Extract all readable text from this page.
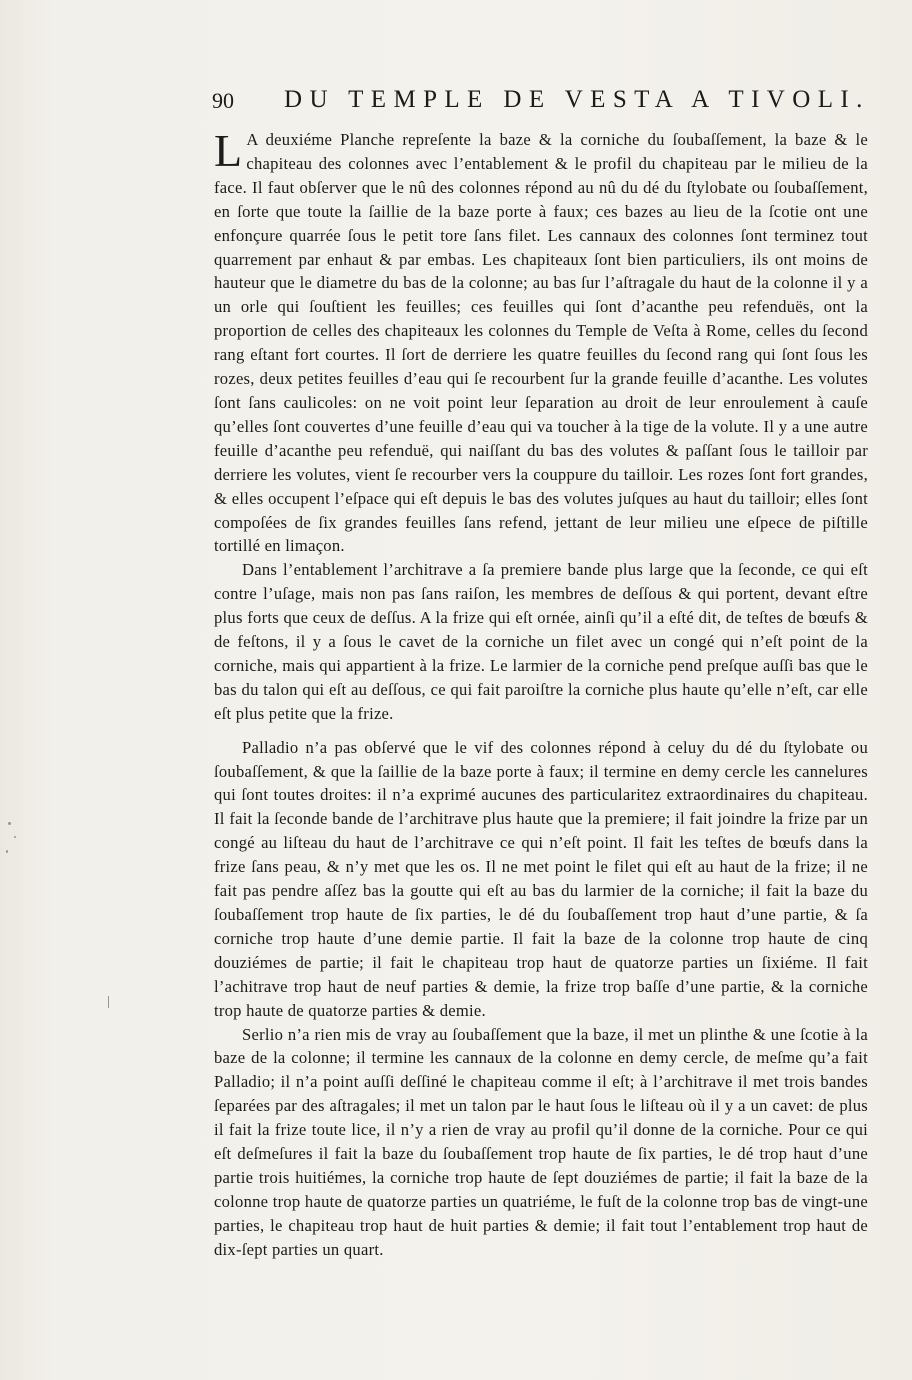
90 DU TEMPLE DE VESTA A TIVOLI.

L A deuxiéme Planche repreſente la baze & la corniche du ſoubaſſement, la baze & le chapiteau des colonnes avec l’entablement & le profil du chapiteau par le milieu de la face. Il faut obſerver que le nû des colonnes répond au nû du dé du ſtylobate ou ſoubaſſement, en ſorte que toute la ſaillie de la baze porte à faux; ces bazes au lieu de la ſcotie ont une enfonçure quarrée ſous le petit tore ſans filet. Les cannaux des colonnes ſont terminez tout quarrement par enhaut & par embas. Les chapiteaux ſont bien particuliers, ils ont moins de hauteur que le diametre du bas de la colonne; au bas ſur l’aſtragale du haut de la colonne il y a un orle qui ſouſtient les feuilles; ces feuilles qui ſont d’acanthe peu refenduës, ont la proportion de celles des chapiteaux les colonnes du Temple de Veſta à Rome, celles du ſecond rang eſtant fort courtes. Il ſort de derriere les quatre feuilles du ſecond rang qui ſont ſous les rozes, deux petites feuilles d’eau qui ſe recourbent ſur la grande feuille d’acanthe. Les volutes ſont ſans caulicoles: on ne voit point leur ſeparation au droit de leur enroulement à cauſe qu’elles ſont couvertes d’une feuille d’eau qui va toucher à la tige de la volute. Il y a une autre feuille d’acanthe peu refenduë, qui naiſſant du bas des volutes & paſſant ſous le tailloir par derriere les volutes, vient ſe recourber vers la couppure du tailloir. Les rozes ſont fort grandes, & elles occupent l’eſpace qui eſt depuis le bas des volutes juſques au haut du tailloir; elles ſont compoſées de ſix grandes feuilles ſans refend, jettant de leur milieu une eſpece de piſtille tortillé en limaçon.

Dans l’entablement l’architrave a ſa premiere bande plus large que la ſeconde, ce qui eſt contre l’uſage, mais non pas ſans raiſon, les membres de deſſous & qui portent, devant eſtre plus forts que ceux de deſſus. A la frize qui eſt ornée, ainſi qu’il a eſté dit, de teſtes de bœufs & de feſtons, il y a ſous le cavet de la corniche un filet avec un congé qui n’eſt point de la corniche, mais qui appartient à la frize. Le larmier de la corniche pend preſque auſſi bas que le bas du talon qui eſt au deſſous, ce qui fait paroiſtre la corniche plus haute qu’elle n’eſt, car elle eſt plus petite que la frize.

Palladio n’a pas obſervé que le vif des colonnes répond à celuy du dé du ſtylobate ou ſoubaſſement, & que la ſaillie de la baze porte à faux; il termine en demy cercle les cannelures qui ſont toutes droites: il n’a exprimé aucunes des particularitez extraordinaires du chapiteau. Il fait la ſeconde bande de l’architrave plus haute que la premiere; il fait joindre la frize par un congé au liſteau du haut de l’architrave ce qui n’eſt point. Il fait les teſtes de bœufs dans la frize ſans peau, & n’y met que les os. Il ne met point le filet qui eſt au haut de la frize; il ne fait pas pendre aſſez bas la goutte qui eſt au bas du larmier de la corniche; il fait la baze du ſoubaſſement trop haute de ſix parties, le dé du ſoubaſſement trop haut d’une partie, & ſa corniche trop haute d’une demie partie. Il fait la baze de la colonne trop haute de cinq douziémes de partie; il fait le chapiteau trop haut de quatorze parties un ſixiéme. Il fait l’achitrave trop haut de neuf parties & demie, la frize trop baſſe d’une partie, & la corniche trop haute de quatorze parties & demie.

Serlio n’a rien mis de vray au ſoubaſſement que la baze, il met un plinthe & une ſcotie à la baze de la colonne; il termine les cannaux de la colonne en demy cercle, de meſme qu’a fait Palladio; il n’a point auſſi deſſiné le chapiteau comme il eſt; à l’architrave il met trois bandes ſeparées par des aſtragales; il met un talon par le haut ſous le liſteau où il y a un cavet: de plus il fait la frize toute lice, il n’y a rien de vray au profil qu’il donne de la corniche. Pour ce qui eſt deſmeſures il fait la baze du ſoubaſſement trop haute de ſix parties, le dé trop haut d’une partie trois huitiémes, la corniche trop haute de ſept douziémes de partie; il fait la baze de la colonne trop haute de quatorze parties un quatriéme, le fuſt de la colonne trop bas de vingt-une parties, le chapiteau trop haut de huit parties & demie; il fait tout l’entablement trop haut de dix-ſept parties un quart.
